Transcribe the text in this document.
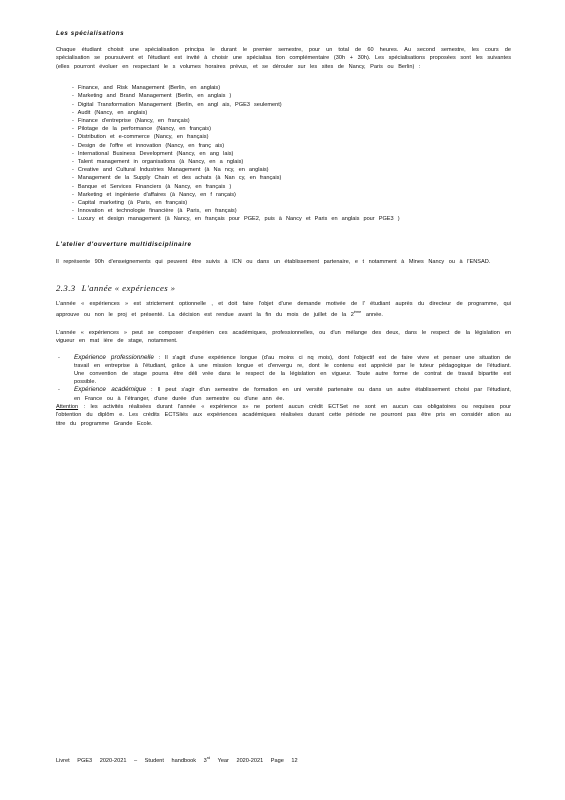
Les spécialisations

Chaque étudiant choisit une spécialisation principa le durant le premier semestre, pour un total de 60 heures. Au second semestre, les cours de spécialisation se poursuivent et l'étudiant est invité à choisir une spécialisa tion complémentaire (30h + 30h). Les spécialisations proposées sont les suivantes (elles pourront évoluer en respectant le s volumes horaires prévus, et se dérouler sur les sites de Nancy, Paris ou Berlin) :

- Finance, and Risk Management (Berlin, en anglais)
- Marketing and Brand Management (Berlin, en anglais )
- Digital Transformation Management (Berlin, en angl ais, PGE3 seulement)
- Audit (Nancy, en anglais)
- Finance d'entreprise (Nancy, en français)
- Pilotage de la performance (Nancy, en français)
- Distribution et e-commerce (Nancy, en français)
- Design de l'offre et innovation (Nancy, en franç ais)
- International Business Development (Nancy, en ang lais)
- Talent management in organisations (à Nancy, en a nglais)
- Creative and Cultural Industries Management (à Na ncy, en anglais)
- Management de la Supply Chain et des achats (à Nan cy, en français)
- Banque et Services Financiers (à Nancy, en français )
- Marketing et ingénierie d'affaires (à Nancy, en f rançais)
- Capital marketing (à Paris, en français)
- Innovation et technologie financière (à Paris, en français)
- Luxury et design management (à Nancy, en français pour PGE2, puis à Nancy et Paris en anglais pour PGE3 )

L'atelier d'ouverture multidisciplinaire

Il représente 90h d'enseignements qui peuvent être suivis à ICN ou dans un établissement partenaire, e t notamment à Mines Nancy ou à l'ENSAD.

2.3.3 L'année « expériences »

L'année « expériences » est strictement optionnelle , et doit faire l'objet d'une demande motivée de l' étudiant auprès du directeur de programme, qui approuve ou non le proj et présenté. La décision est rendue avant la fin du mois de juillet de la 2ème année.

L'année « expériences » peut se composer d'expérien ces académiques, professionnelles, ou d'un mélange des deux, dans le respect de la législation en vigueur en mat ière de stage, notamment.

- Expérience professionnelle : Il s'agit d'une expérience longue (d'au moins ci nq mois), dont l'objectif est de faire vivre et penser une situation de travail en entreprise à l'étudiant, grâce à une mission longue et d'envergu re, dont le contenu est apprécié par le tuteur pédagogique de l'étudiant. Une convention de stage pourra être déli vrée dans le respect de la législation en vigueur. Toute autre forme de contrat de travail bipartite est possible.
- Expérience académique : Il peut s'agir d'un semestre de formation en uni versité partenaire ou dans un autre établissement choisi par l'étudiant, en France ou à l'étranger, d'une durée d'un semestre ou d'une ann ée.

Attention : les activités réalisées durant l'année « expérience s» ne portent aucun crédit ECTSet ne sont en aucun cas obligatoires ou requises pour l'obtention du diplôm e. Les crédits ECTSliés aux expériences académiques réalisées durant cette période ne pourront pas être pris en considér ation au titre du programme Grande Ecole.

Livret PGE3 2020-2021 – Student handbook 3rd Year 2020-2021 Page 12
